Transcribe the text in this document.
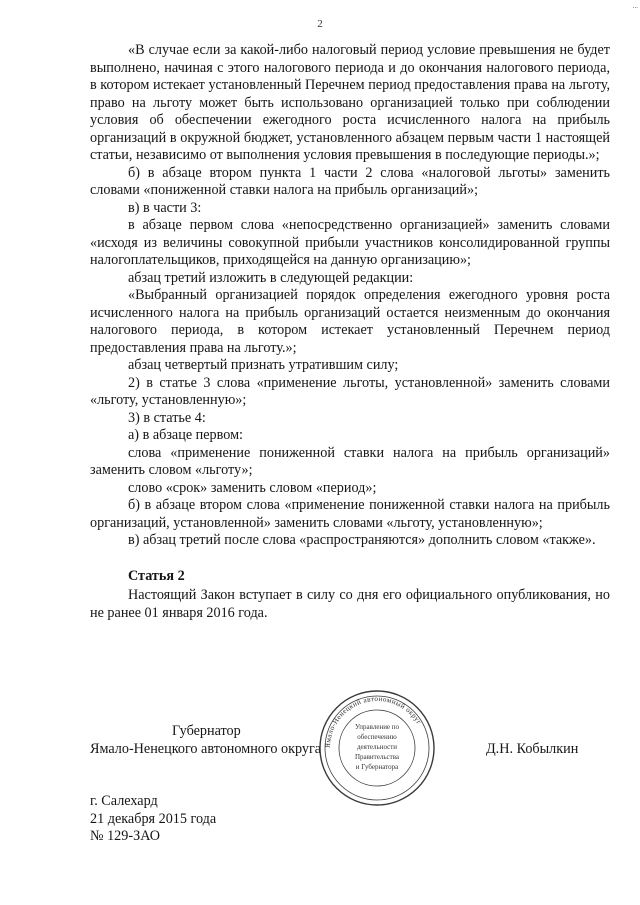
2
...

«В случае если за какой-либо налоговый период условие превышения не будет выполнено, начиная с этого налогового периода и до окончания налогового периода, в котором истекает установленный Перечнем период предоставления права на льготу, право на льготу может быть использовано организацией только при соблюдении условия об обеспечении ежегодного роста исчисленного налога на прибыль организаций в окружной бюджет, установленного абзацем первым части 1 настоящей статьи, независимо от выполнения условия превышения в последующие периоды.»;

б) в абзаце втором пункта 1 части 2 слова «налоговой льготы» заменить словами «пониженной ставки налога на прибыль организаций»;

в) в части 3:

в абзаце первом слова «непосредственно организацией» заменить словами «исходя из величины совокупной прибыли участников консолидированной группы налогоплательщиков, приходящейся на данную организацию»;

абзац третий изложить в следующей редакции:

«Выбранный организацией порядок определения ежегодного уровня роста исчисленного налога на прибыль организаций остается неизменным до окончания налогового периода, в котором истекает установленный Перечнем период предоставления права на льготу.»;

абзац четвертый признать утратившим силу;

2) в статье 3 слова «применение льготы, установленной» заменить словами «льготу, установленную»;

3) в статье 4:

а) в абзаце первом:

слова «применение пониженной ставки налога на прибыль организаций» заменить словом «льготу»;

слово «срок» заменить словом «период»;

б) в абзаце втором слова «применение пониженной ставки налога на прибыль организаций, установленной» заменить словами «льготу, установленную»;

в) абзац третий после слова «распространяются» дополнить словом «также».

Статья 2

Настоящий Закон вступает в силу со дня его официального опубликования, но не ранее 01 января 2016 года.

Губернатор
Ямало-Ненецкого автономного округа	Д.Н. Кобылкин
Ямало-Ненецкий автономный округ
Управление по
обеспечению
деятельности
Правительства
и Губернатора
г. Салехард
21 декабря 2015 года
№ 129-ЗАО
